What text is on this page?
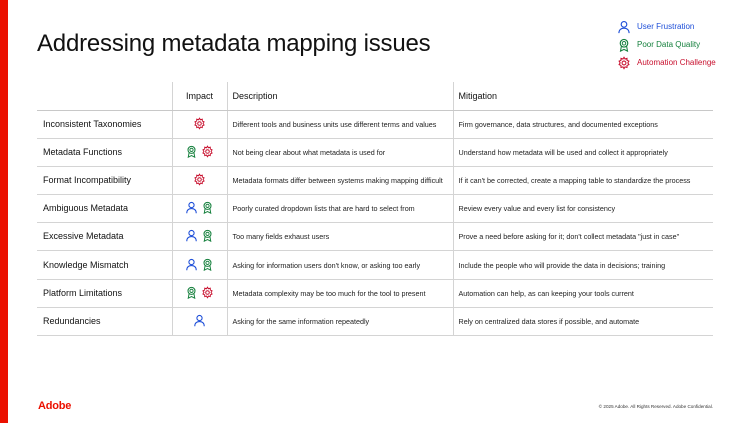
Addressing metadata mapping issues
User Frustration
Poor Data Quality
Automation Challenge
	Impact	Description	Mitigation
Inconsistent Taxonomies		Different tools and business units use different terms and values	Firm governance, data structures, and documented exceptions
Metadata Functions		Not being clear about what metadata is used for	Understand how metadata will be used and collect it appropriately
Format Incompatibility		Metadata formats differ between systems making mapping difficult	If it can't be corrected, create a mapping table to standardize the process
Ambiguous Metadata		Poorly curated dropdown lists that are hard to select from	Review every value and every list for consistency
Excessive Metadata		Too many fields exhaust users	Prove a need before asking for it; don't collect metadata "just in case"
Knowledge Mismatch		Asking for information users don't know, or asking too early	Include the people who will provide the data in decisions; training
Platform Limitations		Metadata complexity may be too much for the tool to present	Automation can help, as can keeping your tools current
Redundancies		Asking for the same information repeatedly	Rely on centralized data stores if possible, and automate
Adobe	© 2025 Adobe. All Rights Reserved. Adobe Confidential.
